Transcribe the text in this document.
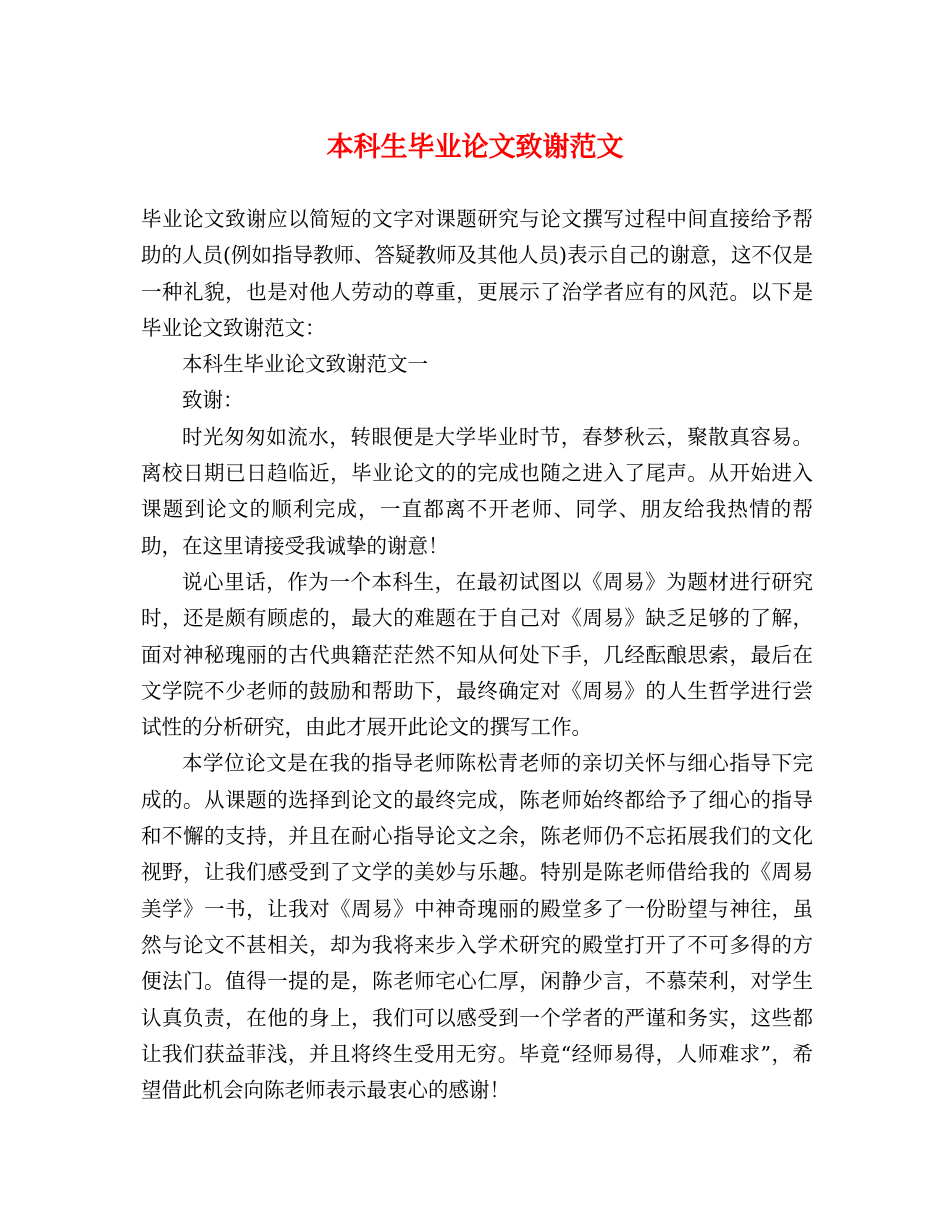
本科生毕业论文致谢范文

毕业论文致谢应以简短的文字对课题研究与论文撰写过程中间直接给予帮助的人员(例如指导教师、答疑教师及其他人员)表示自己的谢意，这不仅是一种礼貌，也是对他人劳动的尊重，更展示了治学者应有的风范。以下是毕业论文致谢范文：

本科生毕业论文致谢范文一

致谢：

时光匆匆如流水，转眼便是大学毕业时节，春梦秋云，聚散真容易。离校日期已日趋临近，毕业论文的的完成也随之进入了尾声。从开始进入课题到论文的顺利完成，一直都离不开老师、同学、朋友给我热情的帮助，在这里请接受我诚挚的谢意！

说心里话，作为一个本科生，在最初试图以《周易》为题材进行研究时，还是颇有顾虑的，最大的难题在于自己对《周易》缺乏足够的了解，面对神秘瑰丽的古代典籍茫茫然不知从何处下手，几经酝酿思索，最后在文学院不少老师的鼓励和帮助下，最终确定对《周易》的人生哲学进行尝试性的分析研究，由此才展开此论文的撰写工作。

本学位论文是在我的指导老师陈松青老师的亲切关怀与细心指导下完成的。从课题的选择到论文的最终完成，陈老师始终都给予了细心的指导和不懈的支持，并且在耐心指导论文之余，陈老师仍不忘拓展我们的文化视野，让我们感受到了文学的美妙与乐趣。特别是陈老师借给我的《周易美学》一书，让我对《周易》中神奇瑰丽的殿堂多了一份盼望与神往，虽然与论文不甚相关，却为我将来步入学术研究的殿堂打开了不可多得的方便法门。值得一提的是，陈老师宅心仁厚，闲静少言，不慕荣利，对学生认真负责，在他的身上，我们可以感受到一个学者的严谨和务实，这些都让我们获益菲浅，并且将终生受用无穷。毕竟“经师易得，人师难求”，希望借此机会向陈老师表示最衷心的感谢！
